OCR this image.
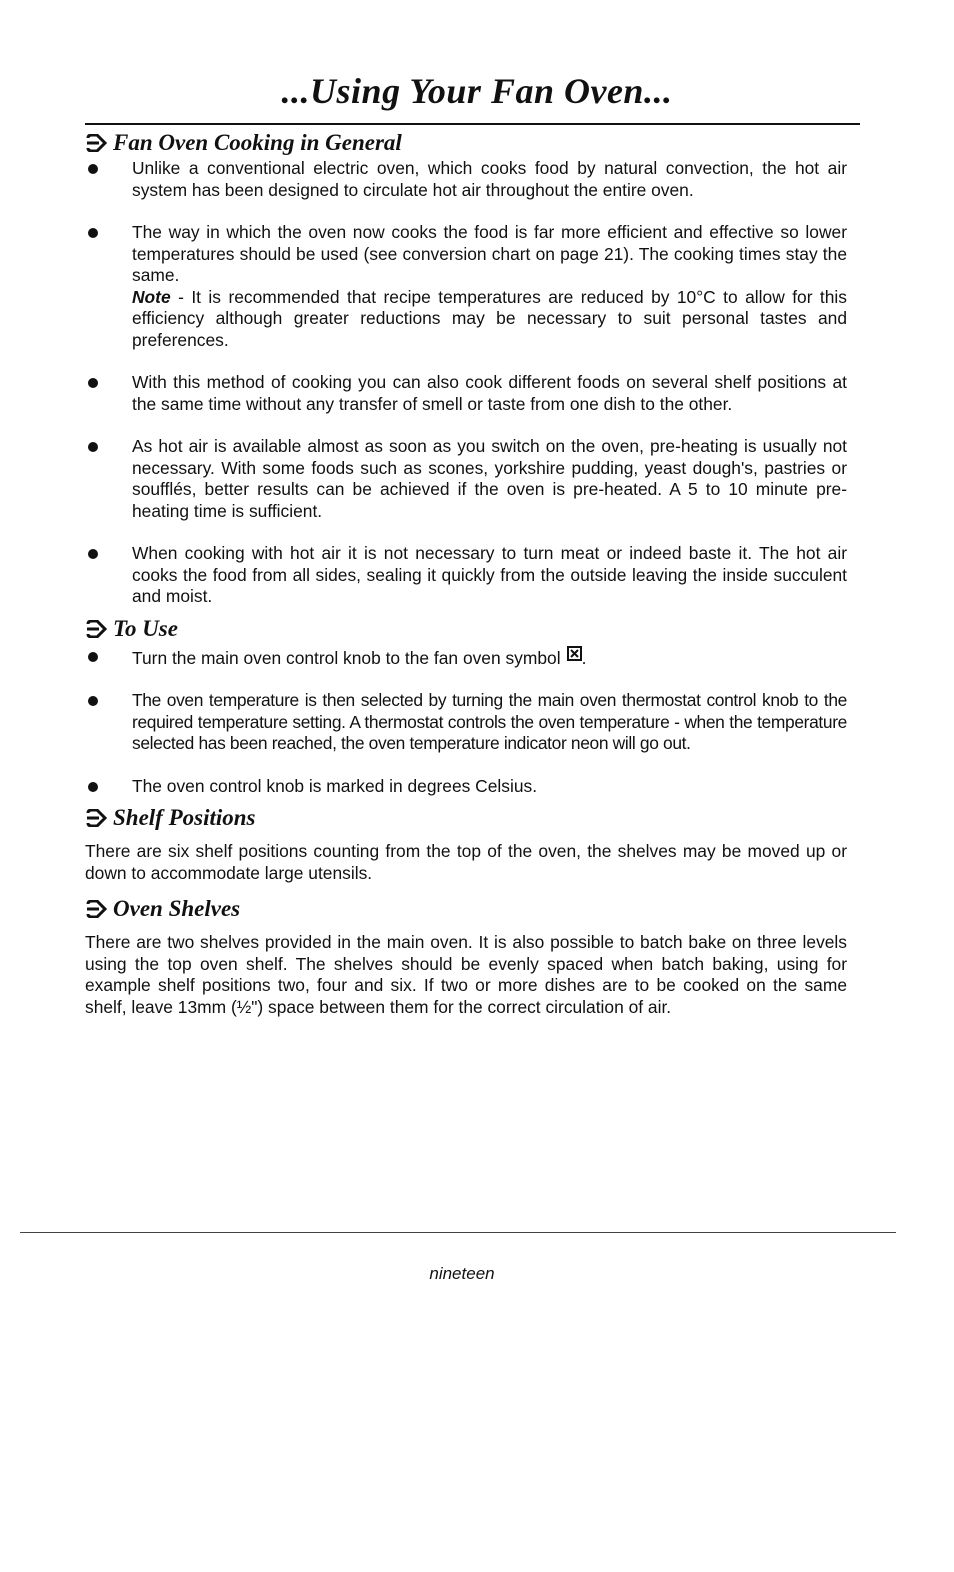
...Using Your Fan Oven...
Fan Oven Cooking in General
Unlike a conventional electric oven, which cooks food by natural convection, the hot air system has been designed to circulate hot air throughout the entire oven.
The way in which the oven now cooks the food is far more efficient and effective so lower temperatures should be used (see conversion chart on page 21). The cooking times stay the same.
Note - It is recommended that recipe temperatures are reduced by 10°C to allow for this efficiency although greater reductions may be necessary to suit personal tastes and preferences.
With this method of cooking you can also cook different foods on several shelf positions at the same time without any transfer of smell or taste from one dish to the other.
As hot air is available almost as soon as you switch on the oven, pre-heating is usually not necessary. With some foods such as scones, yorkshire pudding, yeast dough's, pastries or soufflés, better results can be achieved if the oven is pre-heated. A 5 to 10 minute pre-heating time is sufficient.
When cooking with hot air it is not necessary to turn meat or indeed baste it. The hot air cooks the food from all sides, sealing it quickly from the outside leaving the inside succulent and moist.
To Use
Turn the main oven control knob to the fan oven symbol .
The oven temperature is then selected by turning the main oven thermostat control knob to the required temperature setting. A thermostat controls the oven temperature - when the temperature selected has been reached, the oven temperature indicator neon will go out.
The oven control knob is marked in degrees Celsius.
Shelf Positions

There are six shelf positions counting from the top of the oven, the shelves may be moved up or down to accommodate large utensils.

Oven Shelves

There are two shelves provided in the main oven. It is also possible to batch bake on three levels using the top oven shelf. The shelves should be evenly spaced when batch baking, using for example shelf positions two, four and six. If two or more dishes are to be cooked on the same shelf, leave 13mm (½") space between them for the correct circulation of air.

nineteen
